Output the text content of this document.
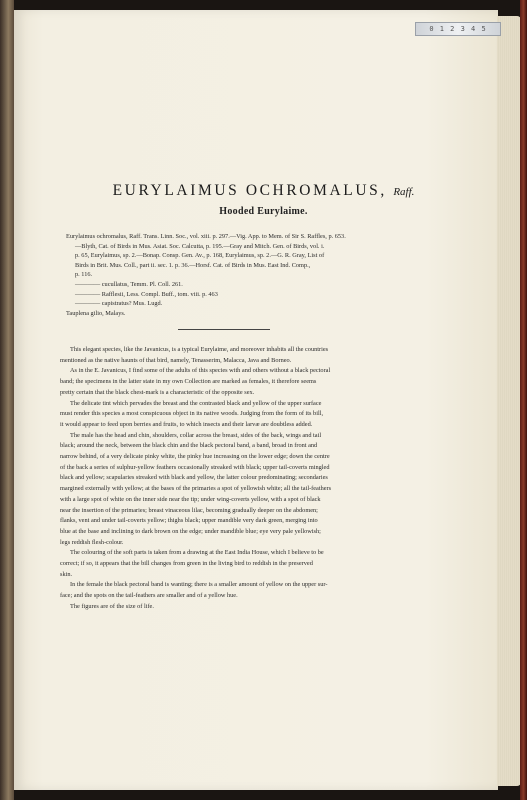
0 1 2 3 4 5
EURYLAIMUS OCHROMALUS, Raff.
Hooded Eurylaime.
Eurylaimus ochromalus, Raff. Trans. Linn. Soc., vol. xiii. p. 297.—Vig. App. to Mem. of Sir S. Raffles, p. 653.
—Blyth, Cat. of Birds in Mus. Asiat. Soc. Calcutta, p. 195.—Gray and Mitch. Gen. of Birds, vol. i.
p. 65, Eurylaimus, sp. 2.—Bonap. Consp. Gen. Av., p. 168, Eurylaimus, sp. 2.—G. R. Gray, List of
Birds in Brit. Mus. Coll., part ii. sec. 1. p. 36.—Horsf. Cat. of Birds in Mus. East Ind. Comp.,
p. 116.
———— cucullatus, Temm. Pl. Coll. 261.
———— Rafflesii, Less. Compl. Buff., tom. viii. p. 463
———— capistratus? Mus. Lugd.
Tauplena gilio, Malays.
This elegant species, like the Javanicus, is a typical Eurylaime, and moreover inhabits all the countries
mentioned as the native haunts of that bird, namely, Tenasserim, Malacca, Java and Borneo.
As in the E. Javanicus, I find some of the adults of this species with and others without a black pectoral
band; the specimens in the latter state in my own Collection are marked as females, it therefore seems
pretty certain that the black chest-mark is a characteristic of the opposite sex.
The delicate tint which pervades the breast and the contrasted black and yellow of the upper surface
must render this species a most conspicuous object in its native woods. Judging from the form of its bill,
it would appear to feed upon berries and fruits, to which insects and their larvæ are doubtless added.
The male has the head and chin, shoulders, collar across the breast, sides of the back, wings and tail
black; around the neck, between the black chin and the black pectoral band, a band, broad in front and
narrow behind, of a very delicate pinky white, the pinky hue increasing on the lower edge; down the centre
of the back a series of sulphur-yellow feathers occasionally streaked with black; upper tail-coverts mingled
black and yellow; scapularies streaked with black and yellow, the latter colour predominating; secondaries
margined externally with yellow; at the bases of the primaries a spot of yellowish white; all the tail-feathers
with a large spot of white on the inner side near the tip; under wing-coverts yellow, with a spot of black
near the insertion of the primaries; breast vinaceous lilac, becoming gradually deeper on the abdomen;
flanks, vent and under tail-coverts yellow; thighs black; upper mandible very dark green, merging into
blue at the base and inclining to dark brown on the edge; under mandible blue; eye very pale yellowish;
legs reddish flesh-colour.
The colouring of the soft parts is taken from a drawing at the East India House, which I believe to be
correct; if so, it appears that the bill changes from green in the living bird to reddish in the preserved
skin.
In the female the black pectoral band is wanting; there is a smaller amount of yellow on the upper sur-
face; and the spots on the tail-feathers are smaller and of a yellow hue.
The figures are of the size of life.
